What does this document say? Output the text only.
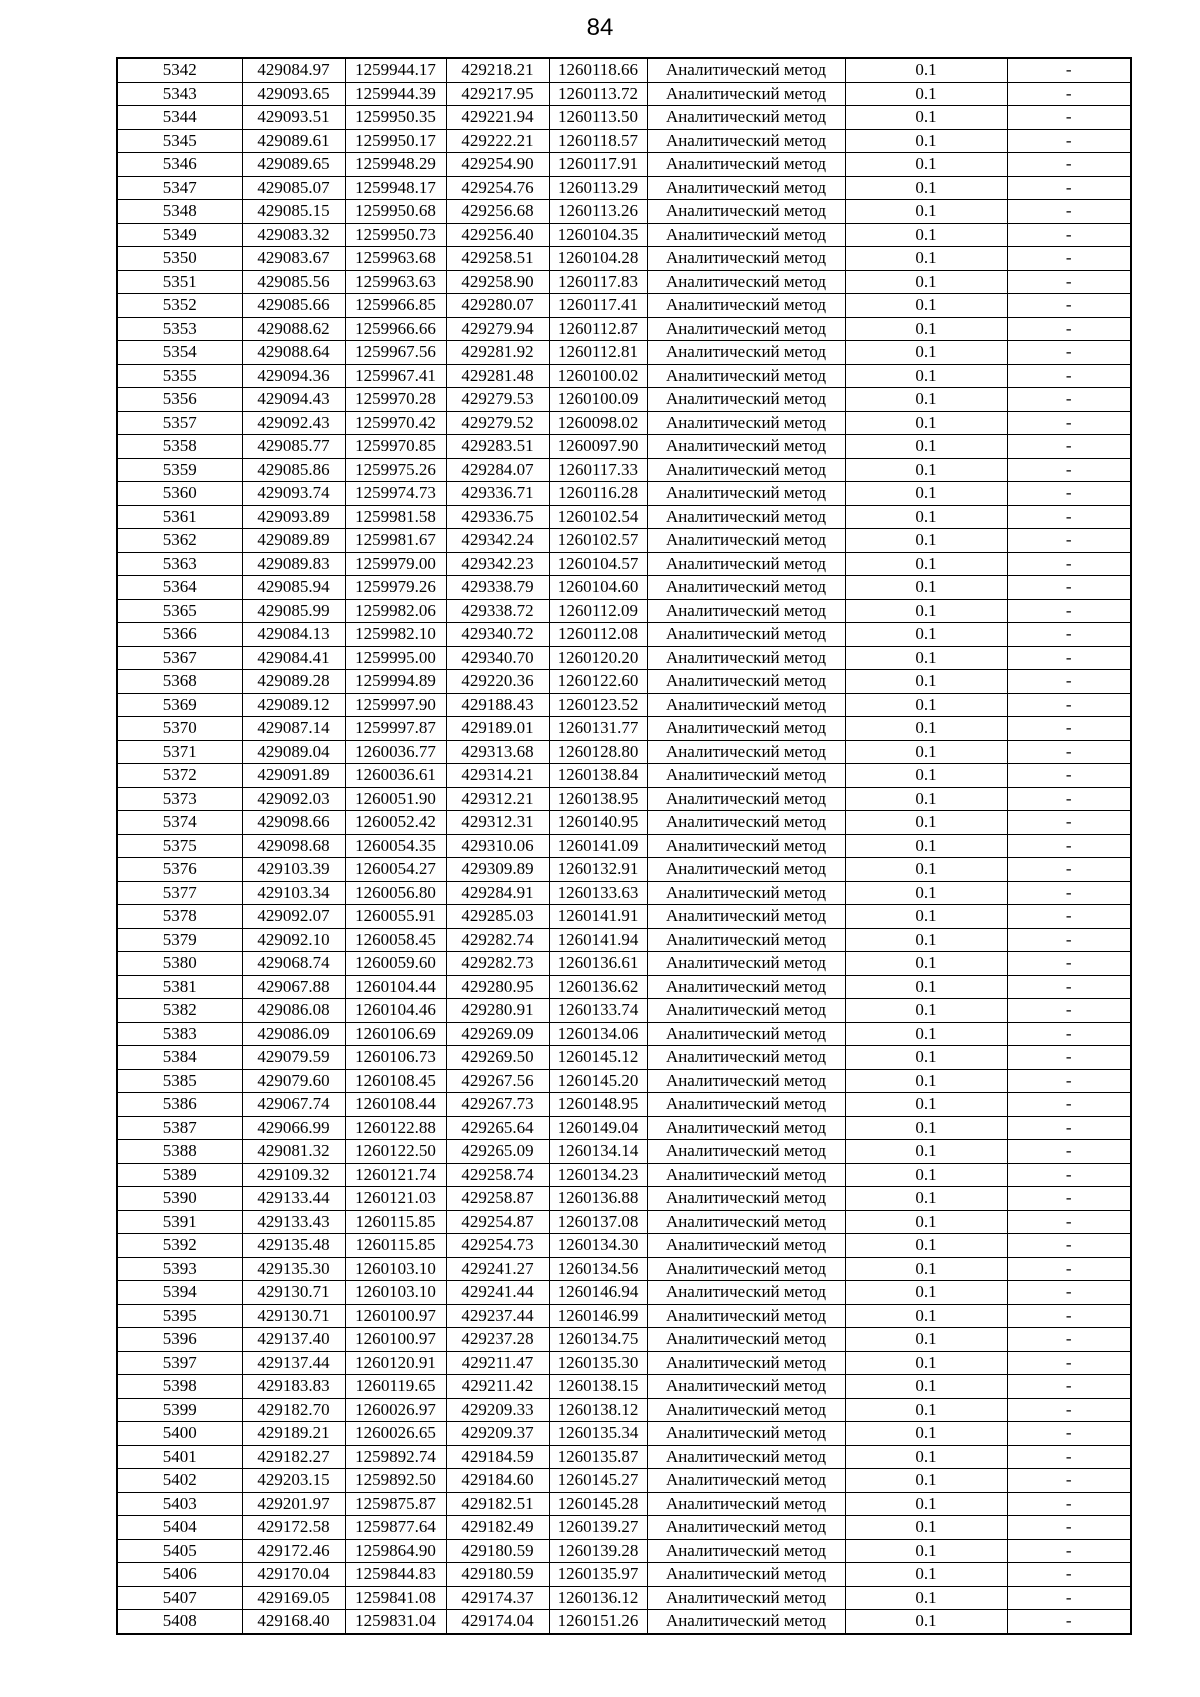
84
5342	429084.97	1259944.17	429218.21	1260118.66	Аналитический метод	0.1	-
5343	429093.65	1259944.39	429217.95	1260113.72	Аналитический метод	0.1	-
5344	429093.51	1259950.35	429221.94	1260113.50	Аналитический метод	0.1	-
5345	429089.61	1259950.17	429222.21	1260118.57	Аналитический метод	0.1	-
5346	429089.65	1259948.29	429254.90	1260117.91	Аналитический метод	0.1	-
5347	429085.07	1259948.17	429254.76	1260113.29	Аналитический метод	0.1	-
5348	429085.15	1259950.68	429256.68	1260113.26	Аналитический метод	0.1	-
5349	429083.32	1259950.73	429256.40	1260104.35	Аналитический метод	0.1	-
5350	429083.67	1259963.68	429258.51	1260104.28	Аналитический метод	0.1	-
5351	429085.56	1259963.63	429258.90	1260117.83	Аналитический метод	0.1	-
5352	429085.66	1259966.85	429280.07	1260117.41	Аналитический метод	0.1	-
5353	429088.62	1259966.66	429279.94	1260112.87	Аналитический метод	0.1	-
5354	429088.64	1259967.56	429281.92	1260112.81	Аналитический метод	0.1	-
5355	429094.36	1259967.41	429281.48	1260100.02	Аналитический метод	0.1	-
5356	429094.43	1259970.28	429279.53	1260100.09	Аналитический метод	0.1	-
5357	429092.43	1259970.42	429279.52	1260098.02	Аналитический метод	0.1	-
5358	429085.77	1259970.85	429283.51	1260097.90	Аналитический метод	0.1	-
5359	429085.86	1259975.26	429284.07	1260117.33	Аналитический метод	0.1	-
5360	429093.74	1259974.73	429336.71	1260116.28	Аналитический метод	0.1	-
5361	429093.89	1259981.58	429336.75	1260102.54	Аналитический метод	0.1	-
5362	429089.89	1259981.67	429342.24	1260102.57	Аналитический метод	0.1	-
5363	429089.83	1259979.00	429342.23	1260104.57	Аналитический метод	0.1	-
5364	429085.94	1259979.26	429338.79	1260104.60	Аналитический метод	0.1	-
5365	429085.99	1259982.06	429338.72	1260112.09	Аналитический метод	0.1	-
5366	429084.13	1259982.10	429340.72	1260112.08	Аналитический метод	0.1	-
5367	429084.41	1259995.00	429340.70	1260120.20	Аналитический метод	0.1	-
5368	429089.28	1259994.89	429220.36	1260122.60	Аналитический метод	0.1	-
5369	429089.12	1259997.90	429188.43	1260123.52	Аналитический метод	0.1	-
5370	429087.14	1259997.87	429189.01	1260131.77	Аналитический метод	0.1	-
5371	429089.04	1260036.77	429313.68	1260128.80	Аналитический метод	0.1	-
5372	429091.89	1260036.61	429314.21	1260138.84	Аналитический метод	0.1	-
5373	429092.03	1260051.90	429312.21	1260138.95	Аналитический метод	0.1	-
5374	429098.66	1260052.42	429312.31	1260140.95	Аналитический метод	0.1	-
5375	429098.68	1260054.35	429310.06	1260141.09	Аналитический метод	0.1	-
5376	429103.39	1260054.27	429309.89	1260132.91	Аналитический метод	0.1	-
5377	429103.34	1260056.80	429284.91	1260133.63	Аналитический метод	0.1	-
5378	429092.07	1260055.91	429285.03	1260141.91	Аналитический метод	0.1	-
5379	429092.10	1260058.45	429282.74	1260141.94	Аналитический метод	0.1	-
5380	429068.74	1260059.60	429282.73	1260136.61	Аналитический метод	0.1	-
5381	429067.88	1260104.44	429280.95	1260136.62	Аналитический метод	0.1	-
5382	429086.08	1260104.46	429280.91	1260133.74	Аналитический метод	0.1	-
5383	429086.09	1260106.69	429269.09	1260134.06	Аналитический метод	0.1	-
5384	429079.59	1260106.73	429269.50	1260145.12	Аналитический метод	0.1	-
5385	429079.60	1260108.45	429267.56	1260145.20	Аналитический метод	0.1	-
5386	429067.74	1260108.44	429267.73	1260148.95	Аналитический метод	0.1	-
5387	429066.99	1260122.88	429265.64	1260149.04	Аналитический метод	0.1	-
5388	429081.32	1260122.50	429265.09	1260134.14	Аналитический метод	0.1	-
5389	429109.32	1260121.74	429258.74	1260134.23	Аналитический метод	0.1	-
5390	429133.44	1260121.03	429258.87	1260136.88	Аналитический метод	0.1	-
5391	429133.43	1260115.85	429254.87	1260137.08	Аналитический метод	0.1	-
5392	429135.48	1260115.85	429254.73	1260134.30	Аналитический метод	0.1	-
5393	429135.30	1260103.10	429241.27	1260134.56	Аналитический метод	0.1	-
5394	429130.71	1260103.10	429241.44	1260146.94	Аналитический метод	0.1	-
5395	429130.71	1260100.97	429237.44	1260146.99	Аналитический метод	0.1	-
5396	429137.40	1260100.97	429237.28	1260134.75	Аналитический метод	0.1	-
5397	429137.44	1260120.91	429211.47	1260135.30	Аналитический метод	0.1	-
5398	429183.83	1260119.65	429211.42	1260138.15	Аналитический метод	0.1	-
5399	429182.70	1260026.97	429209.33	1260138.12	Аналитический метод	0.1	-
5400	429189.21	1260026.65	429209.37	1260135.34	Аналитический метод	0.1	-
5401	429182.27	1259892.74	429184.59	1260135.87	Аналитический метод	0.1	-
5402	429203.15	1259892.50	429184.60	1260145.27	Аналитический метод	0.1	-
5403	429201.97	1259875.87	429182.51	1260145.28	Аналитический метод	0.1	-
5404	429172.58	1259877.64	429182.49	1260139.27	Аналитический метод	0.1	-
5405	429172.46	1259864.90	429180.59	1260139.28	Аналитический метод	0.1	-
5406	429170.04	1259844.83	429180.59	1260135.97	Аналитический метод	0.1	-
5407	429169.05	1259841.08	429174.37	1260136.12	Аналитический метод	0.1	-
5408	429168.40	1259831.04	429174.04	1260151.26	Аналитический метод	0.1	-
